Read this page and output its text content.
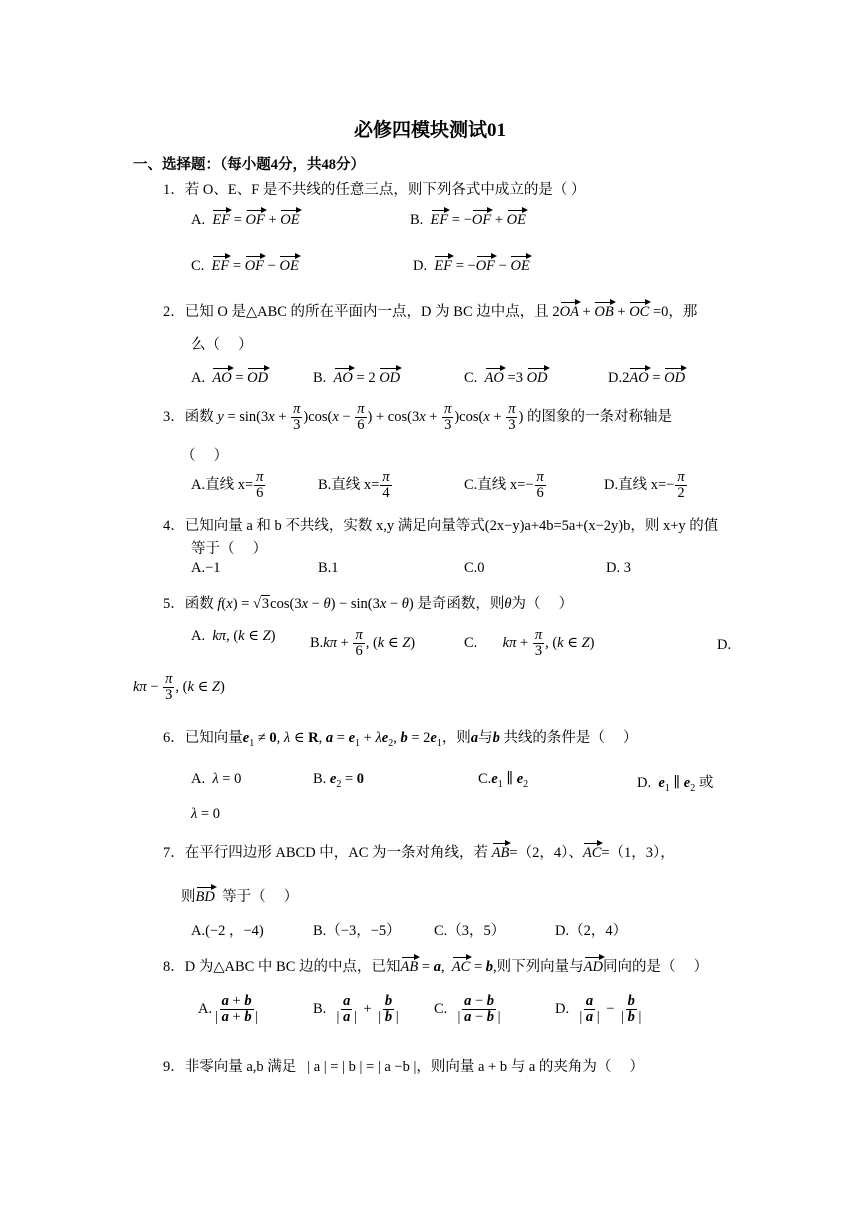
必修四模块测试01
一、选择题：（每小题4分，共48分）
1．若 O、E、F 是不共线的任意三点，则下列各式中成立的是（ ）
A. EF = OF + OE	B. EF = −OF + OE
C. EF = OF − OE	D. EF = −OF − OE
2．已知 O 是△ABC 的所在平面内一点，D 为 BC 边中点，且 2OA + OB + OC =0，那
么（　 ）
A. AO = OD	B. AO = 2 OD	C. AO =3 OD	D.2AO = OD
3．函数 $y = \sin(3x + \frac{\pi}{3} )\cos(x - \frac{\pi}{6}$ ) + $\cos(3x + \frac{\pi}{3} )\cos(x + \frac{\pi}{3}$ ) 的图象的一条对称轴是
（　 ）
A.直线 $x= \frac{\pi}{6}$	B.直线 $x= \frac{\pi}{4}$	C.直线 $x=- \frac{\pi}{6}$	D.直线 $x=- \frac{\pi}{2}$
4．已知向量 a 和 b 不共线，实数 x,y 满足向量等式(2x−y)a+4b=5a+(x−2y)b，则 x+y 的值
等于（　 ）
A.−1	B.1	C.0	D. 3
5．函数 f(x) = √3cos(3x − θ) − sin(3x − θ) 是奇函数，则θ为（　 ）
A. kπ, (k ∈ Z) $B.k\pi + \frac{\pi}{6}$ , (k ∈ Z)	C. $k\pi + \frac{\pi}{3}$ , (k ∈ Z)	D.
$k\pi - \frac{\pi}{3}$ , (k ∈ Z)
6．已知向量$e_1 \ne 0$, λ ∈ R, $a = e_1 + \lambda e_2$, $b = 2e_1$，则a与b 共线的条件是（　 ）
A. λ = 0	B. $e_2 = 0$	$C.e_1$ ∥ $e_2$	D. $e_1$ ∥ $e_2$ 或
λ = 0
7．在平行四边形 ABCD 中，AC 为一条对角线，若 AB=（2，4）、AC=（1，3），
则BD 等于（　 ）
A.(−2 ，−4)	B.（−3，−5） C.（3，5）	D.（2，4）
8．D 为△ABC 中 BC 边的中点，已知AB = a,  AC = b,则下列向量与AD同向的是（　 ）
A. $\frac{a + b}{| a + b |}$	B. $\frac{a}{| a |} + \frac{b}{| b |} C$. $\frac{a - b}{| a - b |}$	D. $\frac{a}{| a |} - \frac{b}{| b |}$
9．非零向量 a,b 满足 | a | = | b | = | a −b |，则向量 a + b 与 a 的夹角为（　 ）
